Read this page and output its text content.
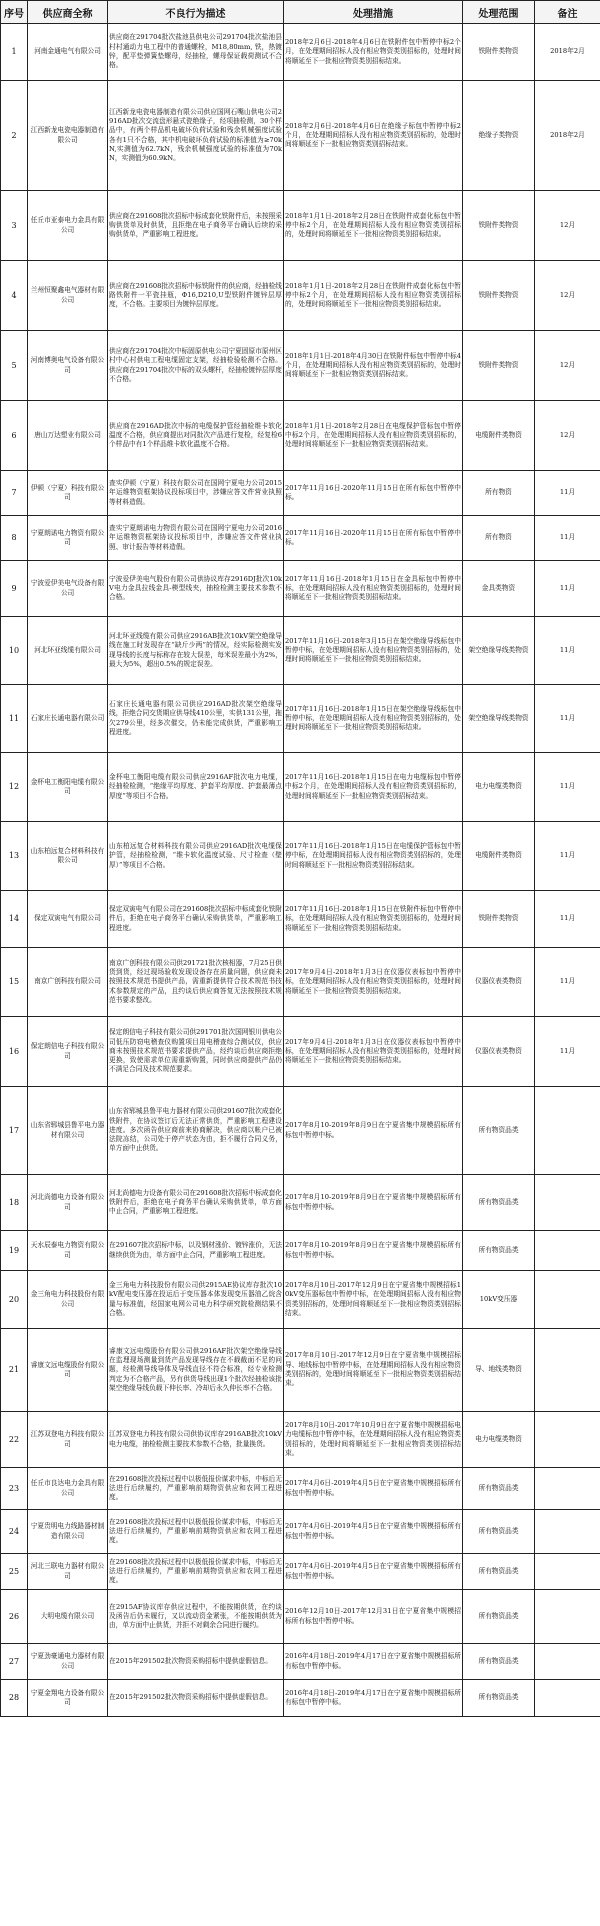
序号	供应商全称	不良行为描述	处理措施	处理范围	备注
1	河南金通电气有限公司	供应商在291704批次盐池县供电公司291704批次盐池县村村通动力电工程中的普通螺栓，M18,80mm, 铁，热镀锌，配平垫弹簧垫螺母，经抽检，螺母保证载荷测试不合格。	2018年2月6日-2018年4月6日在铁附件包中暂停中标2个月，在处理期间招标人没有相应物资类别招标的，处理时间将顺延至下一批相应物资类别招标结束。	铁附件类物资	2018年2月
2	江西新龙电瓷电器制造有限公司	江西新龙电瓷电器制造有限公司供应国网石嘴山供电公司2916AD批次交流盘形悬式瓷绝缘子，经项抽检测，30个样品中，有两个样品机电破坏负荷试验和残余机械强度试验各有1只不合格，其中机电破坏负荷试验的标准值为≥70kN,实测值为62.7kN，残余机械强度试验的标准值为70kN，实测值为60.9kN。	2018年2月6日-2018年4月6日在绝缘子标包中暂停中标2个月，在处理期间招标人没有相应物资类别招标的，处理时间将顺延至下一批相应物资类别招标结束。	绝缘子类物资	2018年2月
3	任丘市亚泰电力金具有限公司	供应商在291608批次招标中标成套化铁附件后，未按照采购供货单及时供货，且拒绝在电子商务平台确认后续的采购供货单，严重影响工程进度。	2018年1月1日-2018年2月28日在铁附件成套化标包中暂停中标2个月，在处理期间招标人没有相应物资类别招标的，处理时间将顺延至下一批相应物资类别招标结束。	铁附件类物资	12月
4	兰州恒聚鑫电气器材有限公司	供应商在291608批次招标中标铁附件的供应商，经抽检线路铁附件一平瓷挂瓶，Φ16,D210,U型铁附件镀锌层厚度，不合格。主要项目为镀锌层厚度。	2018年1月1日-2018年2月28日在铁附件成套化标包中暂停中标2个月，在处理期间招标人没有相应物资类别招标的，处理时间将顺延至下一批相应物资类别招标结束。	铁附件类物资	12月
5	河南博奥电气设备有限公司	供应商在291704批次中标固原供电公司宁夏固原市原州区村中心村供电工程电缆固定支架，经抽检验检测不合格。供应商在291704批次中标的双头螺杆，经抽检镀锌层厚度不合格。	2018年1月1日-2018年4月30日在铁附件标包中暂停中标4个月，在处理期间招标人没有相应物资类别招标的，处理时间将顺延至下一批相应物资类别招标结束。	铁附件类物资	12月
6	唐山万达塑业有限公司	供应商在2916AD批次中标的电缆保护管经抽检维卡软化温度不合格，供应商提出对同批次产品进行复检，经复检6个样品中有1个样品维卡软化温度不合格。	2018年1月1日-2018年2月28日在电缆保护管标包中暂停中标2个月，在处理期间招标人没有相应物资类别招标的，处理时间将顺延至下一批相应物资类别招标结束。	电缆附件类物资	12月
7	伊顿（宁夏）科技有限公司	查实伊顿（宁夏）科技有限公司在国网宁夏电力公司2015年运维物资框架协议投标项目中，涉嫌应答文件营业执照等材料造假。	2017年11月16日-2020年11月15日在所有标包中暂停中标。	所有物资	11月
8	宁夏朗诺电力物资有限公司	查实宁夏朗诺电力物资有限公司在国网宁夏电力公司2016年运维物资框架协议投标项目中，涉嫌应答文件营业执照、审计报告等材料造假。	2017年11月16日-2020年11月15日在所有标包中暂停中标。	所有物资	11月
9	宁波爱伊美电气设备有限公司	宁波爱伊美电气股份有限公司供协议库存2916DJ批次10kV电力金具拉线金具-楔型线夹，抽检检测主要技术参数不合格。	2017年11月16日-2018年1月15日在金具标包中暂停中标，在处理期间招标人没有相应物资类别招标的，处理时间将顺延至下一批相应物资类别招标结束。	金具类物资	11月
10	河北环亚线缆有限公司	河北环亚线缆有限公司供应2916AB批次10kV架空绝缘导线在施工时发现存在“缺斤少两”的情况，经实际检测实发现导线的长度与标称存在较大误差，每米误差最小为2%，最大为5%，超出0.5%的规定误差。	2017年11月16日-2018年3月15日在架空绝缘导线标包中暂停中标，在处理期间招标人没有相应物资类别招标的，处理时间将顺延至下一批相应物资类别招标结束。	架空绝缘导线类物资	11月
11	石家庄长通电器有限公司	石家庄长通电器有限公司供应2916AD批次架空绝缘导线，拒绝合同交货期应供导线410公里，实供131公里，拖欠279公里，经多次催交，仍未能完成供货，严重影响工程进度。	2017年11月16日-2018年1月15日在架空绝缘导线标包中暂停中标，在处理期间招标人没有相应物资类别招标的，处理时间将顺延至下一批相应物资类别招标结束。	架空绝缘导线类物资	11月
12	金杯电工衡阳电缆有限公司	金杯电工衡阳电缆有限公司供应2916AF批次电力电缆，经抽检检测，“绝缘平均厚度、护套平均厚度、护套最薄点厚度”等项目不合格。	2017年11月16日-2018年1月15日在电力电缆标包中暂停中标2个月，在处理期间招标人没有相应物资类别招标的，处理时间将顺延至下一批相应物资类别招标结束。	电力电缆类物资	11月
13	山东柏远复合材料科技有限公司	山东柏远复合材料科技有限公司供应2916AD批次电缆保护管，经抽检检测，“维卡软化温度试验、尺寸检查（壁厚）”等项目不合格。	2017年11月16日-2018年1月15日在电缆保护管标包中暂停中标，在处理期间招标人没有相应物资类别招标的，处理时间将顺延至下一批相应物资类别招标结束。	电缆附件类物资	11月
14	保定双寅电气有限公司	保定双寅电气有限公司在291608批次招标中标成套化铁附件后，拒绝在电子商务平台确认采购供货单，严重影响工程进度。	2017年11月16日-2018年1月15日在铁附件标包中暂停中标，在处理期间招标人没有相应物资类别招标的，处理时间将顺延至下一批相应物资类别招标结束。	铁附件类物资	11月
15	南京广创科技有限公司	南京广创科技有限公司供291721批次核相器，7月25日供货到货，经过现场验收发现设备存在质量问题，供应商未按照技术规范书提供产品，需重新提供符合技术规范书技术参数规定的产品，且约谈后供应商答复无法按照技术规范书要求整改。	2017年9月4日-2018年1月3日在仪器仪表标包中暂停中标，在处理期间招标人没有相应物资类别招标的，处理时间将顺延至下一批相应物资类别招标结束。	仪器仪表类物资	11月
16	保定朗信电子科技有限公司	保定朗信电子科技有限公司供291701批次国网银川供电公司低压防窃电稽查仪购置项目用电稽查综合测试仪，供应商未按照技术规范书要求提供产品，经约谈后供应商拒绝更换，致使需求单位需重新购置，同时供应商提供产品仍不满足合同及技术规范要求。	2017年9月4日-2018年1月3日在仪器仪表标包中暂停中标，在处理期间招标人没有相应物资类别招标的，处理时间将顺延至下一批相应物资类别招标结束。	仪器仪表类物资	11月
17	山东省郓城县鲁平电力器材有限公司	山东省郓城县鲁平电力器材有限公司供291607批次成套化铁附件，在协议签订后无法正常供货，严重影响工程建设进度。多次函告供应商前来协商解决，供应商以帐户已被法院冻结，公司处于停产状态为由，拒不履行合同义务，单方面中止供货。	2017年8月10-2019年8月9日在宁夏省集中规模招标所有标包中暂停中标。	所有物资品类	
18	河北尚德电力设备有限公司	河北尚德电力设备有限公司在291608批次招标中标成套化铁附件后，拒绝在电子商务平台确认采购供货单，单方面中止合同，严重影响工程进度。	2017年8月10-2019年8月9日在宁夏省集中规模招标所有标包中暂停中标。	所有物资品类	
19	天水辰泰电力物资有限公司	在291607批次招标中标，以及钢材涨价、镀锌涨价，无法继续供货为由，单方面中止合同，严重影响工程进度。	2017年8月10-2019年8月9日在宁夏省集中规模招标所有标包中暂停中标。	所有物资品类	
20	金三角电力科技股份有限公司	金三角电力科技股份有限公司供2915AE协议库存批次10kV配电变压器在投运后于变压器本体发现变压器油乙烷含量与标准值，经国家电网公司电力科学研究院检测结果不合格。	2017年8月10日-2017年12月9日在宁夏省集中规模招标10kV变压器标包中暂停中标，在处理期间招标人没有相应物资类别招标的，处理时间将顺延至下一批相应物资类别招标结束。	10kV变压器	
21	睿康文远电缆股份有限公司	睿康文远电缆股份有限公司供2916AF批次架空绝缘导线在监理现场测量到货产品发现导线存在不载截面不足的问题，经检测导线导体及导线直径不符合标准，经专业检测判定为不合格产品，另有供货导线出现1个批次经抽检该批架空绝缘导线负载下伸长率、冷却后永久伸长率不合格。	2017年8月10日-2017年12月9日在宁夏省集中规模招标导、地线标包中暂停中标，在处理期间招标人没有相应物资类别招标的，处理时间将顺延至下一批相应物资类别招标结束。	导、地线类物资	
22	江苏双登电力科技有限公司	江苏双登电力科技有限公司供协议库存2916AB批次10kV电力电缆，抽检检测主要技术参数不合格，批量换货。	2017年8月10日-2017年10月9日在宁夏省集中规模招标电力电缆标包中暂停中标，在处理期间招标人没有相应物资类别招标的，处理时间将顺延至下一批相应物资类别招标结束。	电力电缆类物资	
23	任丘市良达电力金具有限公司	在291608批次投标过程中以极低报价谋求中标，中标后无法进行后续履约，严重影响前期物资供应和农网工程进度。	2017年4月6日-2019年4月5日在宁夏省集中规模招标所有标包中暂停中标。	所有物资品类	
24	宁夏贵明电力线路器材制造有限公司	在291608批次投标过程中以极低报价谋求中标，中标后无法进行后续履约，严重影响前期物资供应和农网工程进度。	2017年4月6日-2019年4月5日在宁夏省集中规模招标所有标包中暂停中标。	所有物资品类	
25	河北三联电力器材有限公司	在291608批次投标过程中以极低报价谋求中标，中标后无法进行后续履约，严重影响前期物资供应和农网工程进度。	2017年4月6日-2019年4月5日在宁夏省集中规模招标所有标包中暂停中标。	所有物资品类	
26	大明电缆有限公司	在2915AF协议库存供应过程中，不能按期供货，在约谈及函告后仍未履行，又以流动资金紧张，不能按期供货为由，单方面中止供货，并拒不对剩余合同进行履约。	2016年12月10日-2017年12月31日在宁夏省集中规模招标所有标包中暂停中标。	所有物资品类	
27	宁夏劲豪通电力器材有限公司	在2015年291502批次物资采购招标中提供虚假信息。	2016年4月18日-2019年4月17日在宁夏省集中规模招标所有标包中暂停中标。	所有物资品类	
28	宁夏金翔电力设备有限公司	在2015年291502批次物资采购招标中提供虚假信息。	2016年4月18日-2019年4月17日在宁夏省集中规模招标所有标包中暂停中标。	所有物资品类	
